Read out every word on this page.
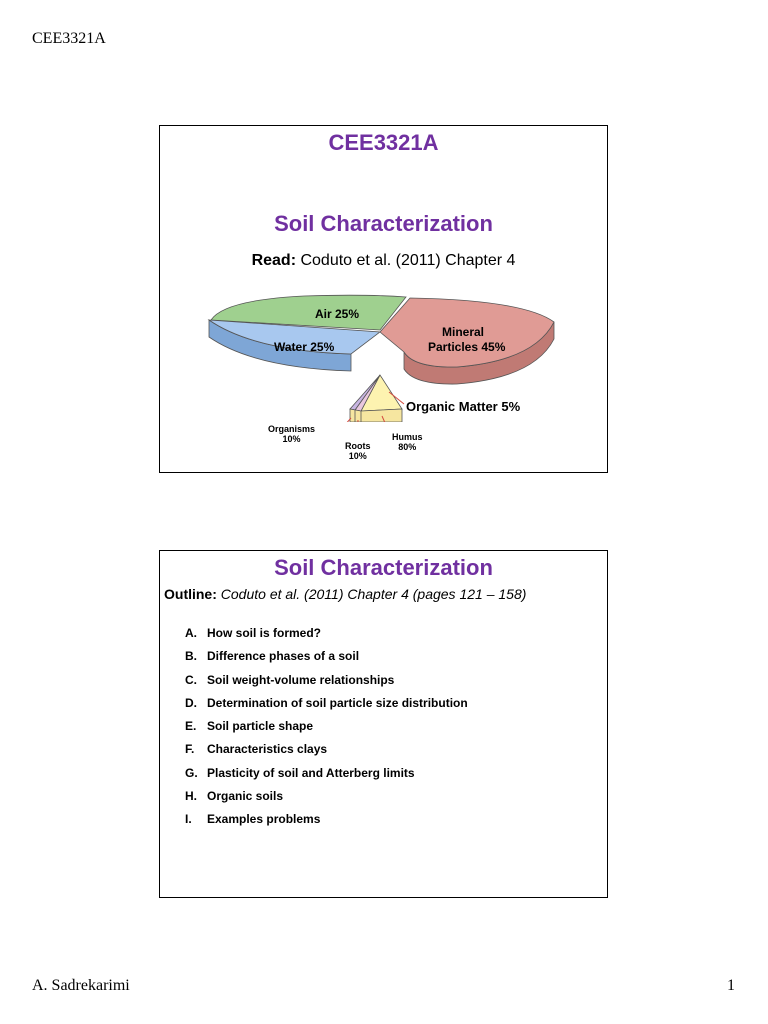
CEE3321A
CEE3321A
Soil Characterization
Read: Coduto et al. (2011) Chapter 4
Air 25%
Water 25%
Mineral
Particles 45%
Organic Matter 5%
Organisms
10%
Roots
10%
Humus
80%
Soil Characterization
Outline: Coduto et al. (2011) Chapter 4 (pages 121 – 158)
A. How soil is formed?
B. Difference phases of a soil
C. Soil weight-volume relationships
D. Determination of soil particle size distribution
E. Soil particle shape
F. Characteristics clays
G. Plasticity of soil and Atterberg limits
H. Organic soils
I. Examples problems
A. Sadrekarimi	1
